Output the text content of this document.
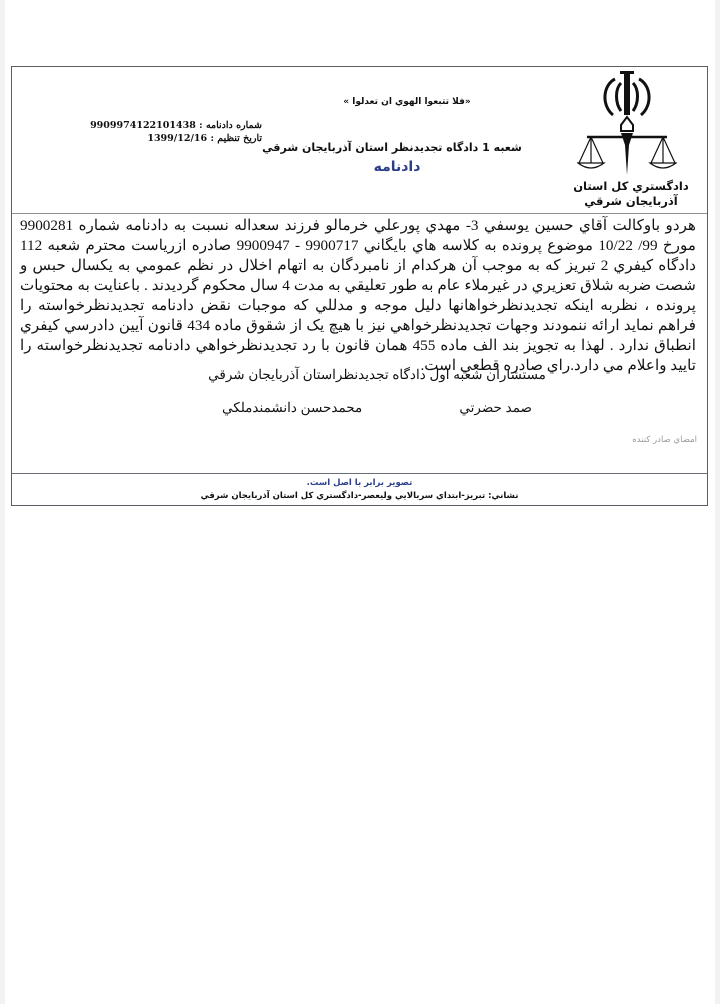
دادگستري كل استان آذربايجان شرقي
«فلا تتبعوا الهوي ان تعدلوا »
شعبه 1 دادگاه تجديدنظر استان آذربايجان شرقي
دادنامه
شماره دادنامه : 9909974122101438
تاريخ تنظيم : 1399/12/16
هردو باوكالت آقاي حسين يوسفي 3- مهدي پورعلي خرمالو فرزند سعداله نسبت به دادنامه شماره 9900281 مورخ 99/ 10/22 موضوع پرونده به كلاسه هاي بايگاني 9900717 - 9900947 صادره ازرياست محترم شعبه 112 دادگاه كيفري 2 تبريز كه به موجب آن هركدام از نامبردگان به اتهام اخلال در نظم عمومي به يكسال حبس و شصت ضربه شلاق تعزيري در غيرملاء عام به طور تعليقي به مدت 4 سال محكوم گرديدند . باعنايت به محتويات پرونده ، نظربه اينكه تجديدنظرخواهانها دليل موجه و مدللي كه موجبات نقض دادنامه تجديدنظرخواسته را فراهم نمايد ارائه ننمودند وجهات تجديدنظرخواهي نيز با هيچ يک از شقوق ماده 434 قانون آيين دادرسي كيفري انطباق ندارد . لهذا به تجويز بند الف ماده 455 همان قانون با رد تجديدنظرخواهي دادنامه تجديدنظرخواسته را تاييد واعلام مي دارد.راي صادره قطعي است.
مستشاران شعبه اول دادگاه تجديدنظراستان آذربايجان شرقي
صمد حضرتي
محمدحسن دانشمندملكي
امضاي صادر كننده
تصوير برابر با اصل است.
نشاني: تبريز-ابتداي سربالايي وليعصر-دادگستري كل استان آذربايجان شرقي
